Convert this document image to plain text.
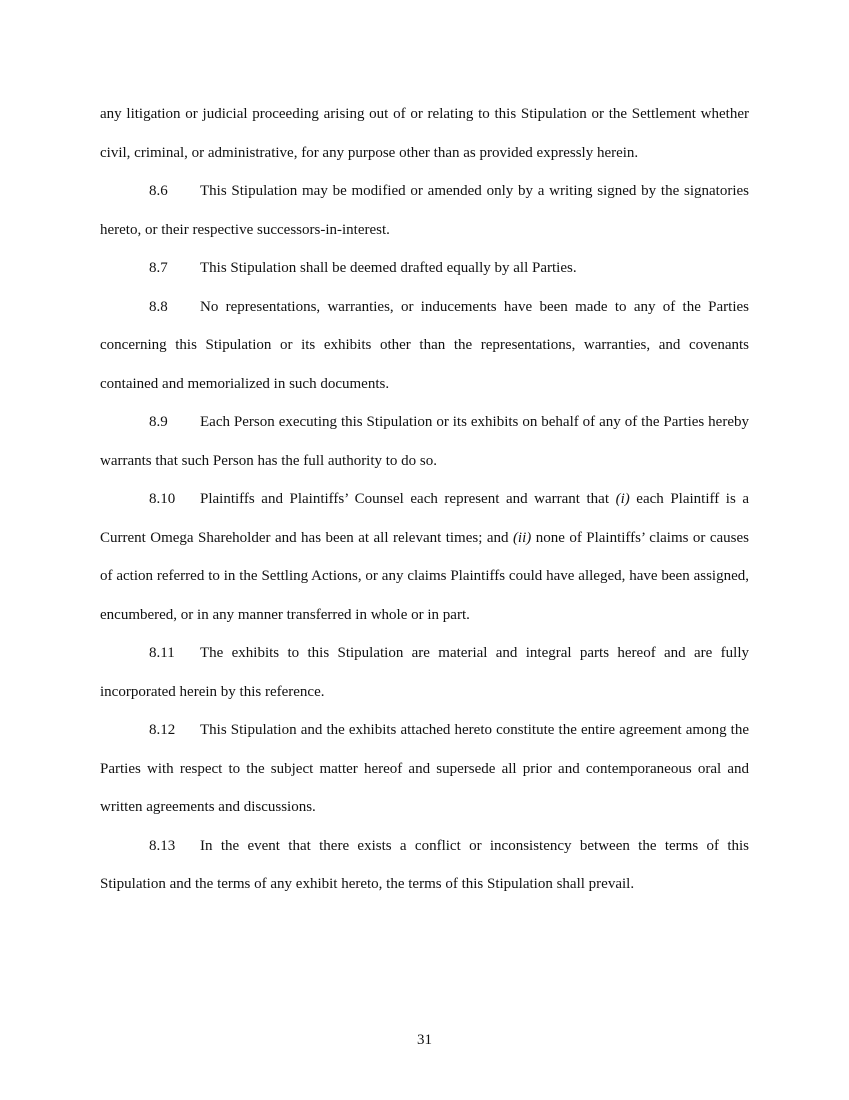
any litigation or judicial proceeding arising out of or relating to this Stipulation or the Settlement whether civil, criminal, or administrative, for any purpose other than as provided expressly herein.

8.6 This Stipulation may be modified or amended only by a writing signed by the signatories hereto, or their respective successors-in-interest.

8.7 This Stipulation shall be deemed drafted equally by all Parties.

8.8 No representations, warranties, or inducements have been made to any of the Parties concerning this Stipulation or its exhibits other than the representations, warranties, and covenants contained and memorialized in such documents.

8.9 Each Person executing this Stipulation or its exhibits on behalf of any of the Parties hereby warrants that such Person has the full authority to do so.

8.10 Plaintiffs and Plaintiffs’ Counsel each represent and warrant that (i) each Plaintiff is a Current Omega Shareholder and has been at all relevant times; and (ii) none of Plaintiffs’ claims or causes of action referred to in the Settling Actions, or any claims Plaintiffs could have alleged, have been assigned, encumbered, or in any manner transferred in whole or in part.

8.11 The exhibits to this Stipulation are material and integral parts hereof and are fully incorporated herein by this reference.

8.12 This Stipulation and the exhibits attached hereto constitute the entire agreement among the Parties with respect to the subject matter hereof and supersede all prior and contemporaneous oral and written agreements and discussions.

8.13 In the event that there exists a conflict or inconsistency between the terms of this Stipulation and the terms of any exhibit hereto, the terms of this Stipulation shall prevail.

31
